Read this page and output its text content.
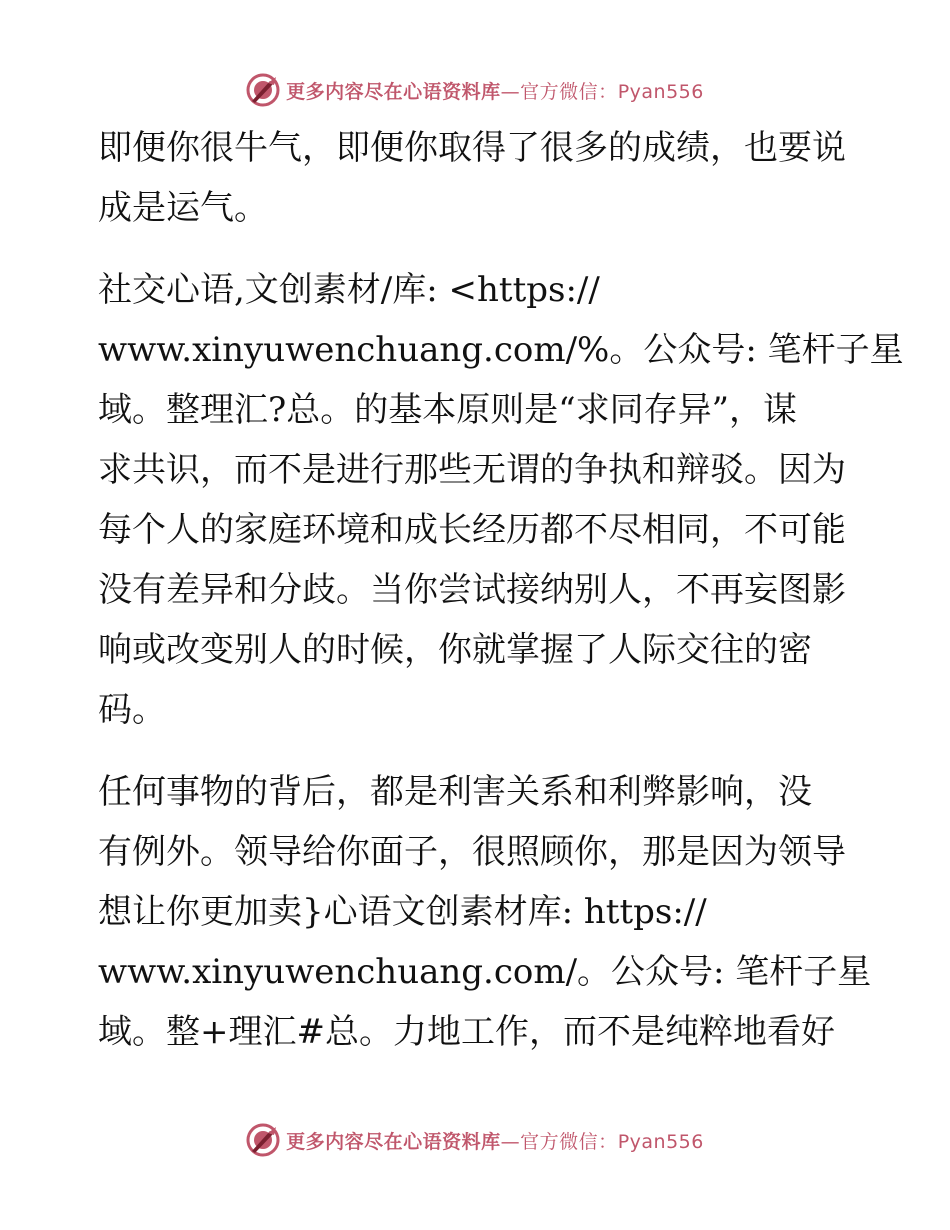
更多内容尽在心语资料库—官方微信：Pyan556

即便你很牛气，即便你取得了很多的成绩，也要说
成是运气。

社交心语,文创素材/库: <https://
www.xinyuwenchuang.com/%。公众号: 笔杆子星
域。整理汇?总。的基本原则是“求同存异”，谋
求共识，而不是进行那些无谓的争执和辩驳。因为
每个人的家庭环境和成长经历都不尽相同，不可能
没有差异和分歧。当你尝试接纳别人，不再妄图影
响或改变别人的时候，你就掌握了人际交往的密
码。

任何事物的背后，都是利害关系和利弊影响，没
有例外。领导给你面子，很照顾你，那是因为领导
想让你更加卖}心语文创素材库: https://
www.xinyuwenchuang.com/。公众号: 笔杆子星
域。整+理汇#总。力地工作，而不是纯粹地看好

更多内容尽在心语资料库—官方微信：Pyan556
